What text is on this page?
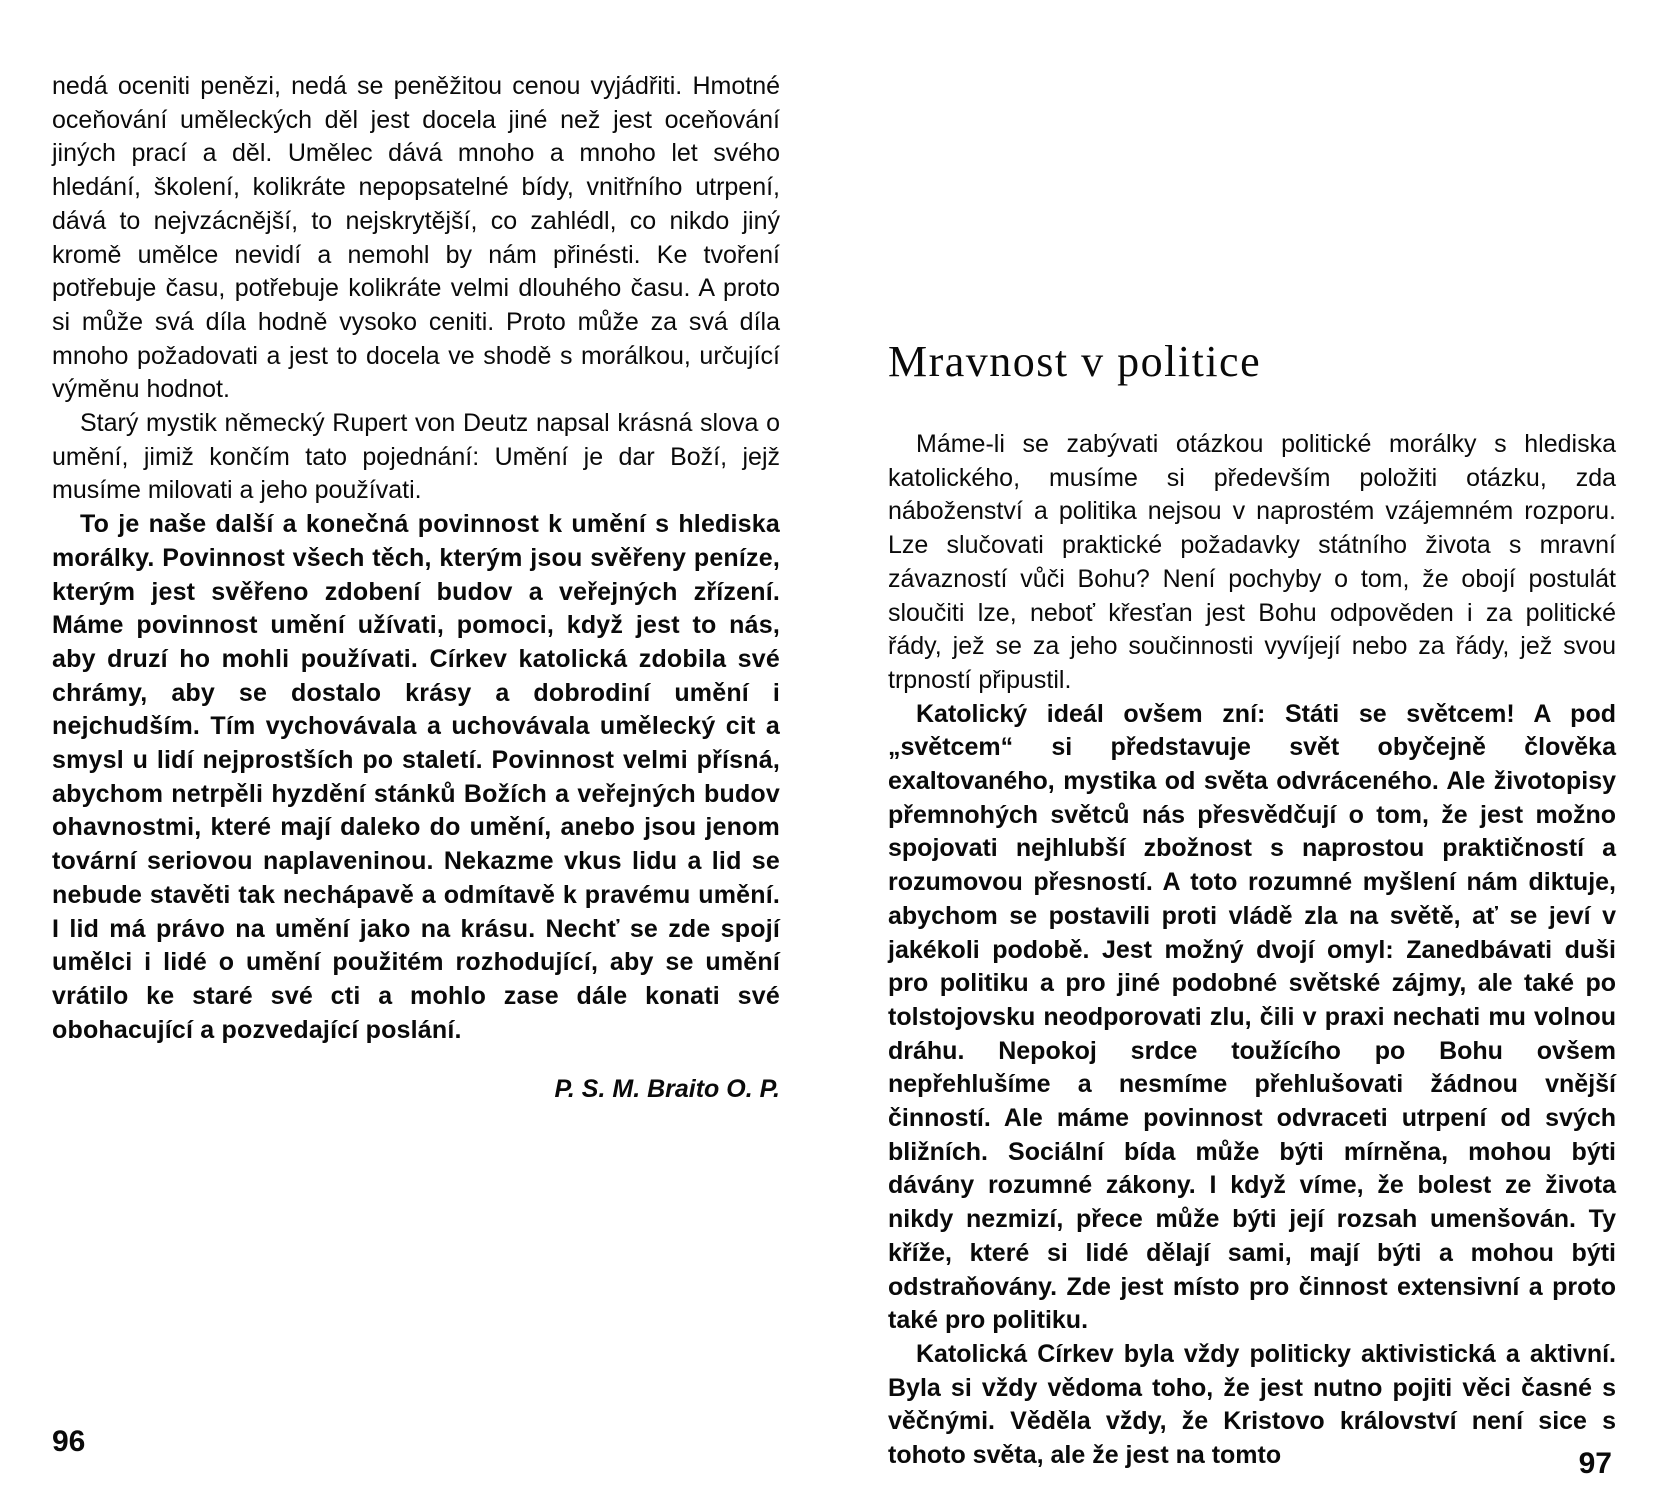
nedá oceniti penězi, nedá se peněžitou cenou vyjádřiti. Hmotné oceňování uměleckých děl jest docela jiné než jest oceňování jiných prací a děl. Umělec dává mnoho a mnoho let svého hledání, školení, kolikráte nepopsatelné bídy, vnitřního utrpení, dává to nejvzácnější, to nejskrytější, co zahlédl, co nikdo jiný kromě umělce nevidí a nemohl by nám přinésti. Ke tvoření potřebuje času, potřebuje kolikráte velmi dlouhého času. A proto si může svá díla hodně vysoko ceniti. Proto může za svá díla mnoho požadovati a jest to docela ve shodě s morálkou, určující výměnu hodnot.

Starý mystik německý Rupert von Deutz napsal krásná slova o umění, jimiž končím tato pojednání: Umění je dar Boží, jejž musíme milovati a jeho používati.

To je naše další a konečná povinnost k umění s hlediska morálky. Povinnost všech těch, kterým jsou svěřeny peníze, kterým jest svěřeno zdobení budov a veřejných zřízení. Máme povinnost umění užívati, pomoci, když jest to nás, aby druzí ho mohli používati. Církev katolická zdobila své chrámy, aby se dostalo krásy a dobrodiní umění i nejchudším. Tím vychovávala a uchovávala umělecký cit a smysl u lidí nejprostších po staletí. Povinnost velmi přísná, abychom netrpěli hyzdění stánků Božích a veřejných budov ohavnostmi, které mají daleko do umění, anebo jsou jenom tovární seriovou naplaveninou. Nekazme vkus lidu a lid se nebude stavěti tak nechápavě a odmítavě k pravému umění. I lid má právo na umění jako na krásu. Nechť se zde spojí umělci i lidé o umění použitém rozhodující, aby se umění vrátilo ke staré své cti a mohlo zase dále konati své obohacující a pozvedající poslání.

P. S. M. Braito O. P.
96
Mravnost v politice

Máme-li se zabývati otázkou politické morálky s hlediska katolického, musíme si především položiti otázku, zda náboženství a politika nejsou v naprostém vzájemném rozporu. Lze slučovati praktické požadavky státního života s mravní závazností vůči Bohu? Není pochyby o tom, že obojí postulát sloučiti lze, neboť křesťan jest Bohu odpověden i za politické řády, jež se za jeho součinnosti vyvíjejí nebo za řády, jež svou trpností připustil.

Katolický ideál ovšem zní: Státi se světcem! A pod „světcem“ si představuje svět obyčejně člověka exaltovaného, mystika od světa odvráceného. Ale životopisy přemnohých světců nás přesvědčují o tom, že jest možno spojovati nejhlubší zbožnost s naprostou praktičností a rozumovou přesností. A toto rozumné myšlení nám diktuje, abychom se postavili proti vládě zla na světě, ať se jeví v jakékoli podobě. Jest možný dvojí omyl: Zanedbávati duši pro politiku a pro jiné podobné světské zájmy, ale také po tolstojovsku neodporovati zlu, čili v praxi nechati mu volnou dráhu. Nepokoj srdce toužícího po Bohu ovšem nepřehlušíme a nesmíme přehlušovati žádnou vnější činností. Ale máme povinnost odvraceti utrpení od svých bližních. Sociální bída může býti mírněna, mohou býti dávány rozumné zákony. I když víme, že bolest ze života nikdy nezmizí, přece může býti její rozsah umenšován. Ty kříže, které si lidé dělají sami, mají býti a mohou býti odstraňovány. Zde jest místo pro činnost extensivní a proto také pro politiku.

Katolická Církev byla vždy politicky aktivistická a aktivní. Byla si vždy vědoma toho, že jest nutno pojiti věci časné s věčnými. Věděla vždy, že Kristovo království není sice s tohoto světa, ale že jest na tomto	97
